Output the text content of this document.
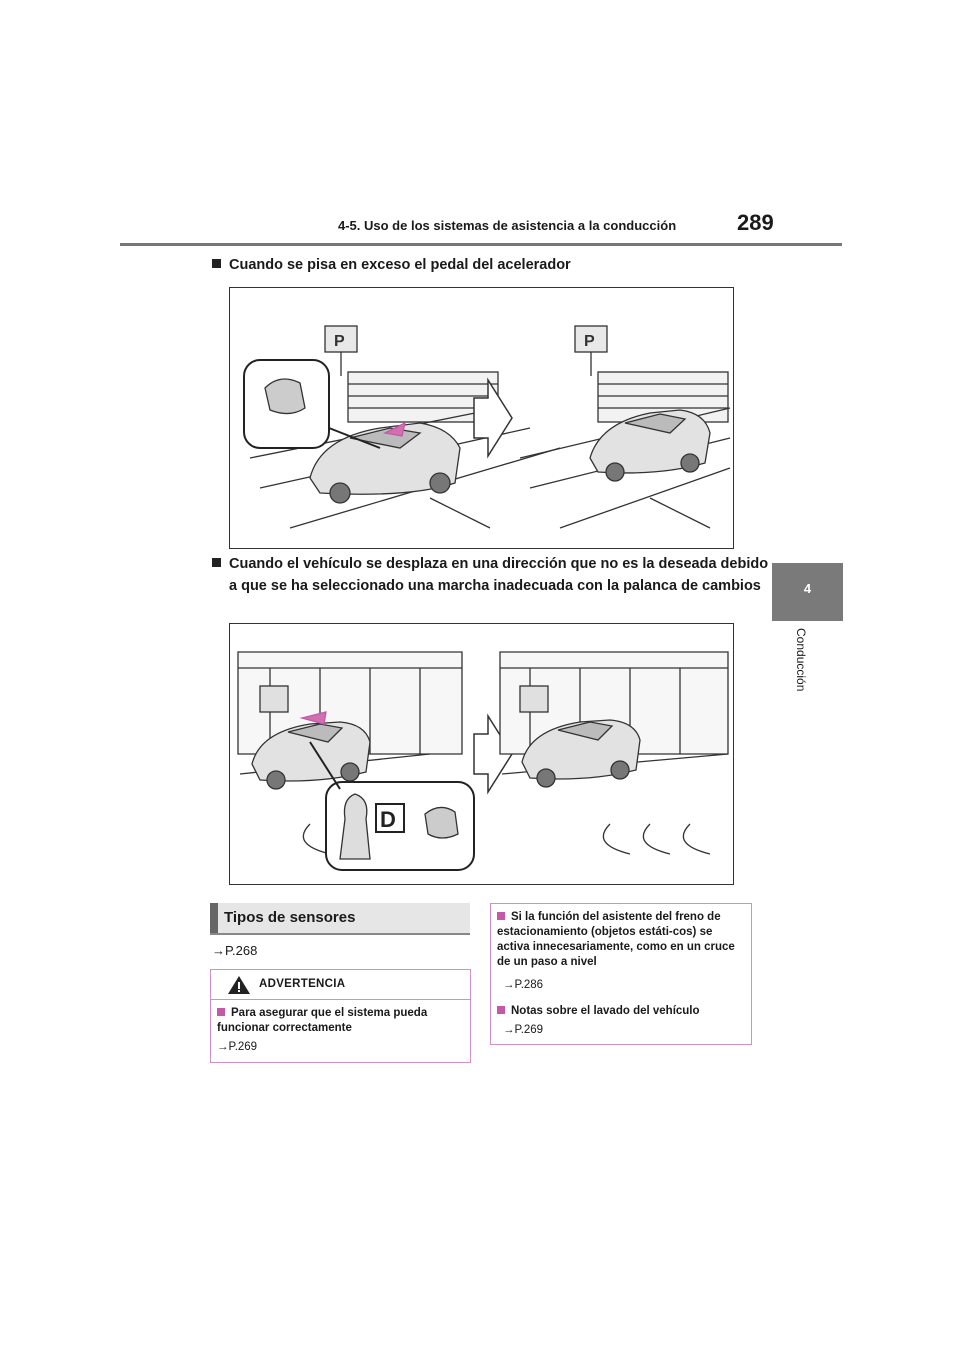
4-5. Uso de los sistemas de asistencia a la conducción	289
4
Conducción
Cuando se pisa en exceso el pedal del acelerador
P	P
Cuando el vehículo se desplaza en una dirección que no es la deseada debido a que se ha seleccionado una marcha inadecuada con la palanca de cambios
D
Tipos de sensores
→P.268
ADVERTENCIA
Para asegurar que el sistema pueda funcionar correctamente
→P.269
Si la función del asistente del freno de estacionamiento (objetos estáti-cos) se activa innecesariamente, como en un cruce de un paso a nivel
→P.286
Notas sobre el lavado del vehículo
→P.269
